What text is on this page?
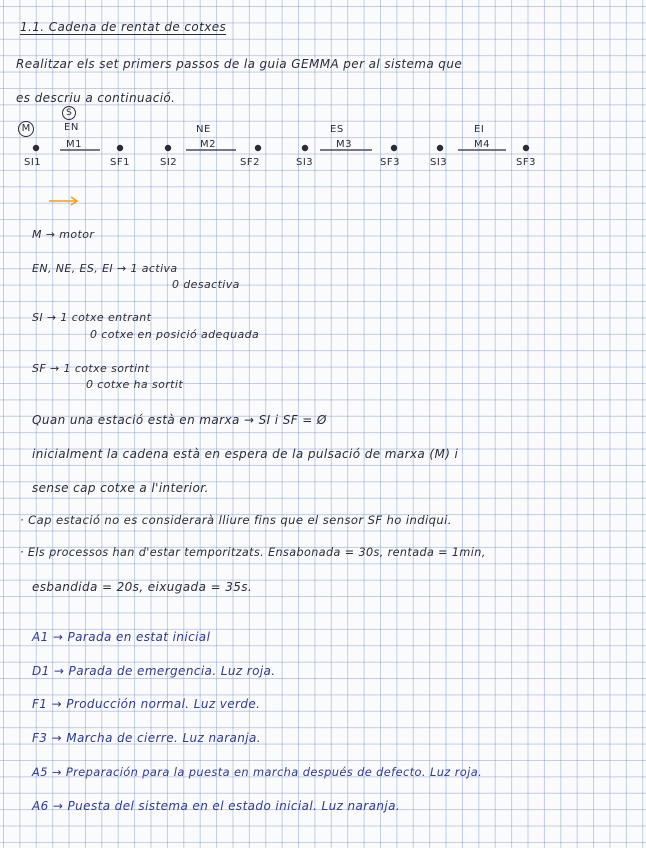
1.1. Cadena de rentat de cotxes
Realitzar els set primers passos de la guia GEMMA per al sistema que
es descriu a continuació.
M
S
EN
M1
SI1	SF1
NE
M2
SI2	SF2
ES
M3
SI3	SF3
EI
M4
SI3	SF3
M → motor
EN, NE, ES, EI → 1 activa
0 desactiva
SI → 1 cotxe entrant
0 cotxe en posició adequada
SF → 1 cotxe sortint
0 cotxe ha sortit
Quan una estació està en marxa → SI i SF = Ø
inicialment la cadena està en espera de la pulsació de marxa (M) i
sense cap cotxe a l'interior.
· Cap estació no es considerarà lliure fins que el sensor SF ho indiqui.
· Els processos han d'estar temporitzats. Ensabonada = 30s, rentada = 1min,
esbandida = 20s, eixugada = 35s.
A1 → Parada en estat inicial
D1 → Parada de emergencia. Luz roja.
F1 → Producción normal. Luz verde.
F3 → Marcha de cierre. Luz naranja.
A5 → Preparación para la puesta en marcha después de defecto. Luz roja.
A6 → Puesta del sistema en el estado inicial. Luz naranja.
